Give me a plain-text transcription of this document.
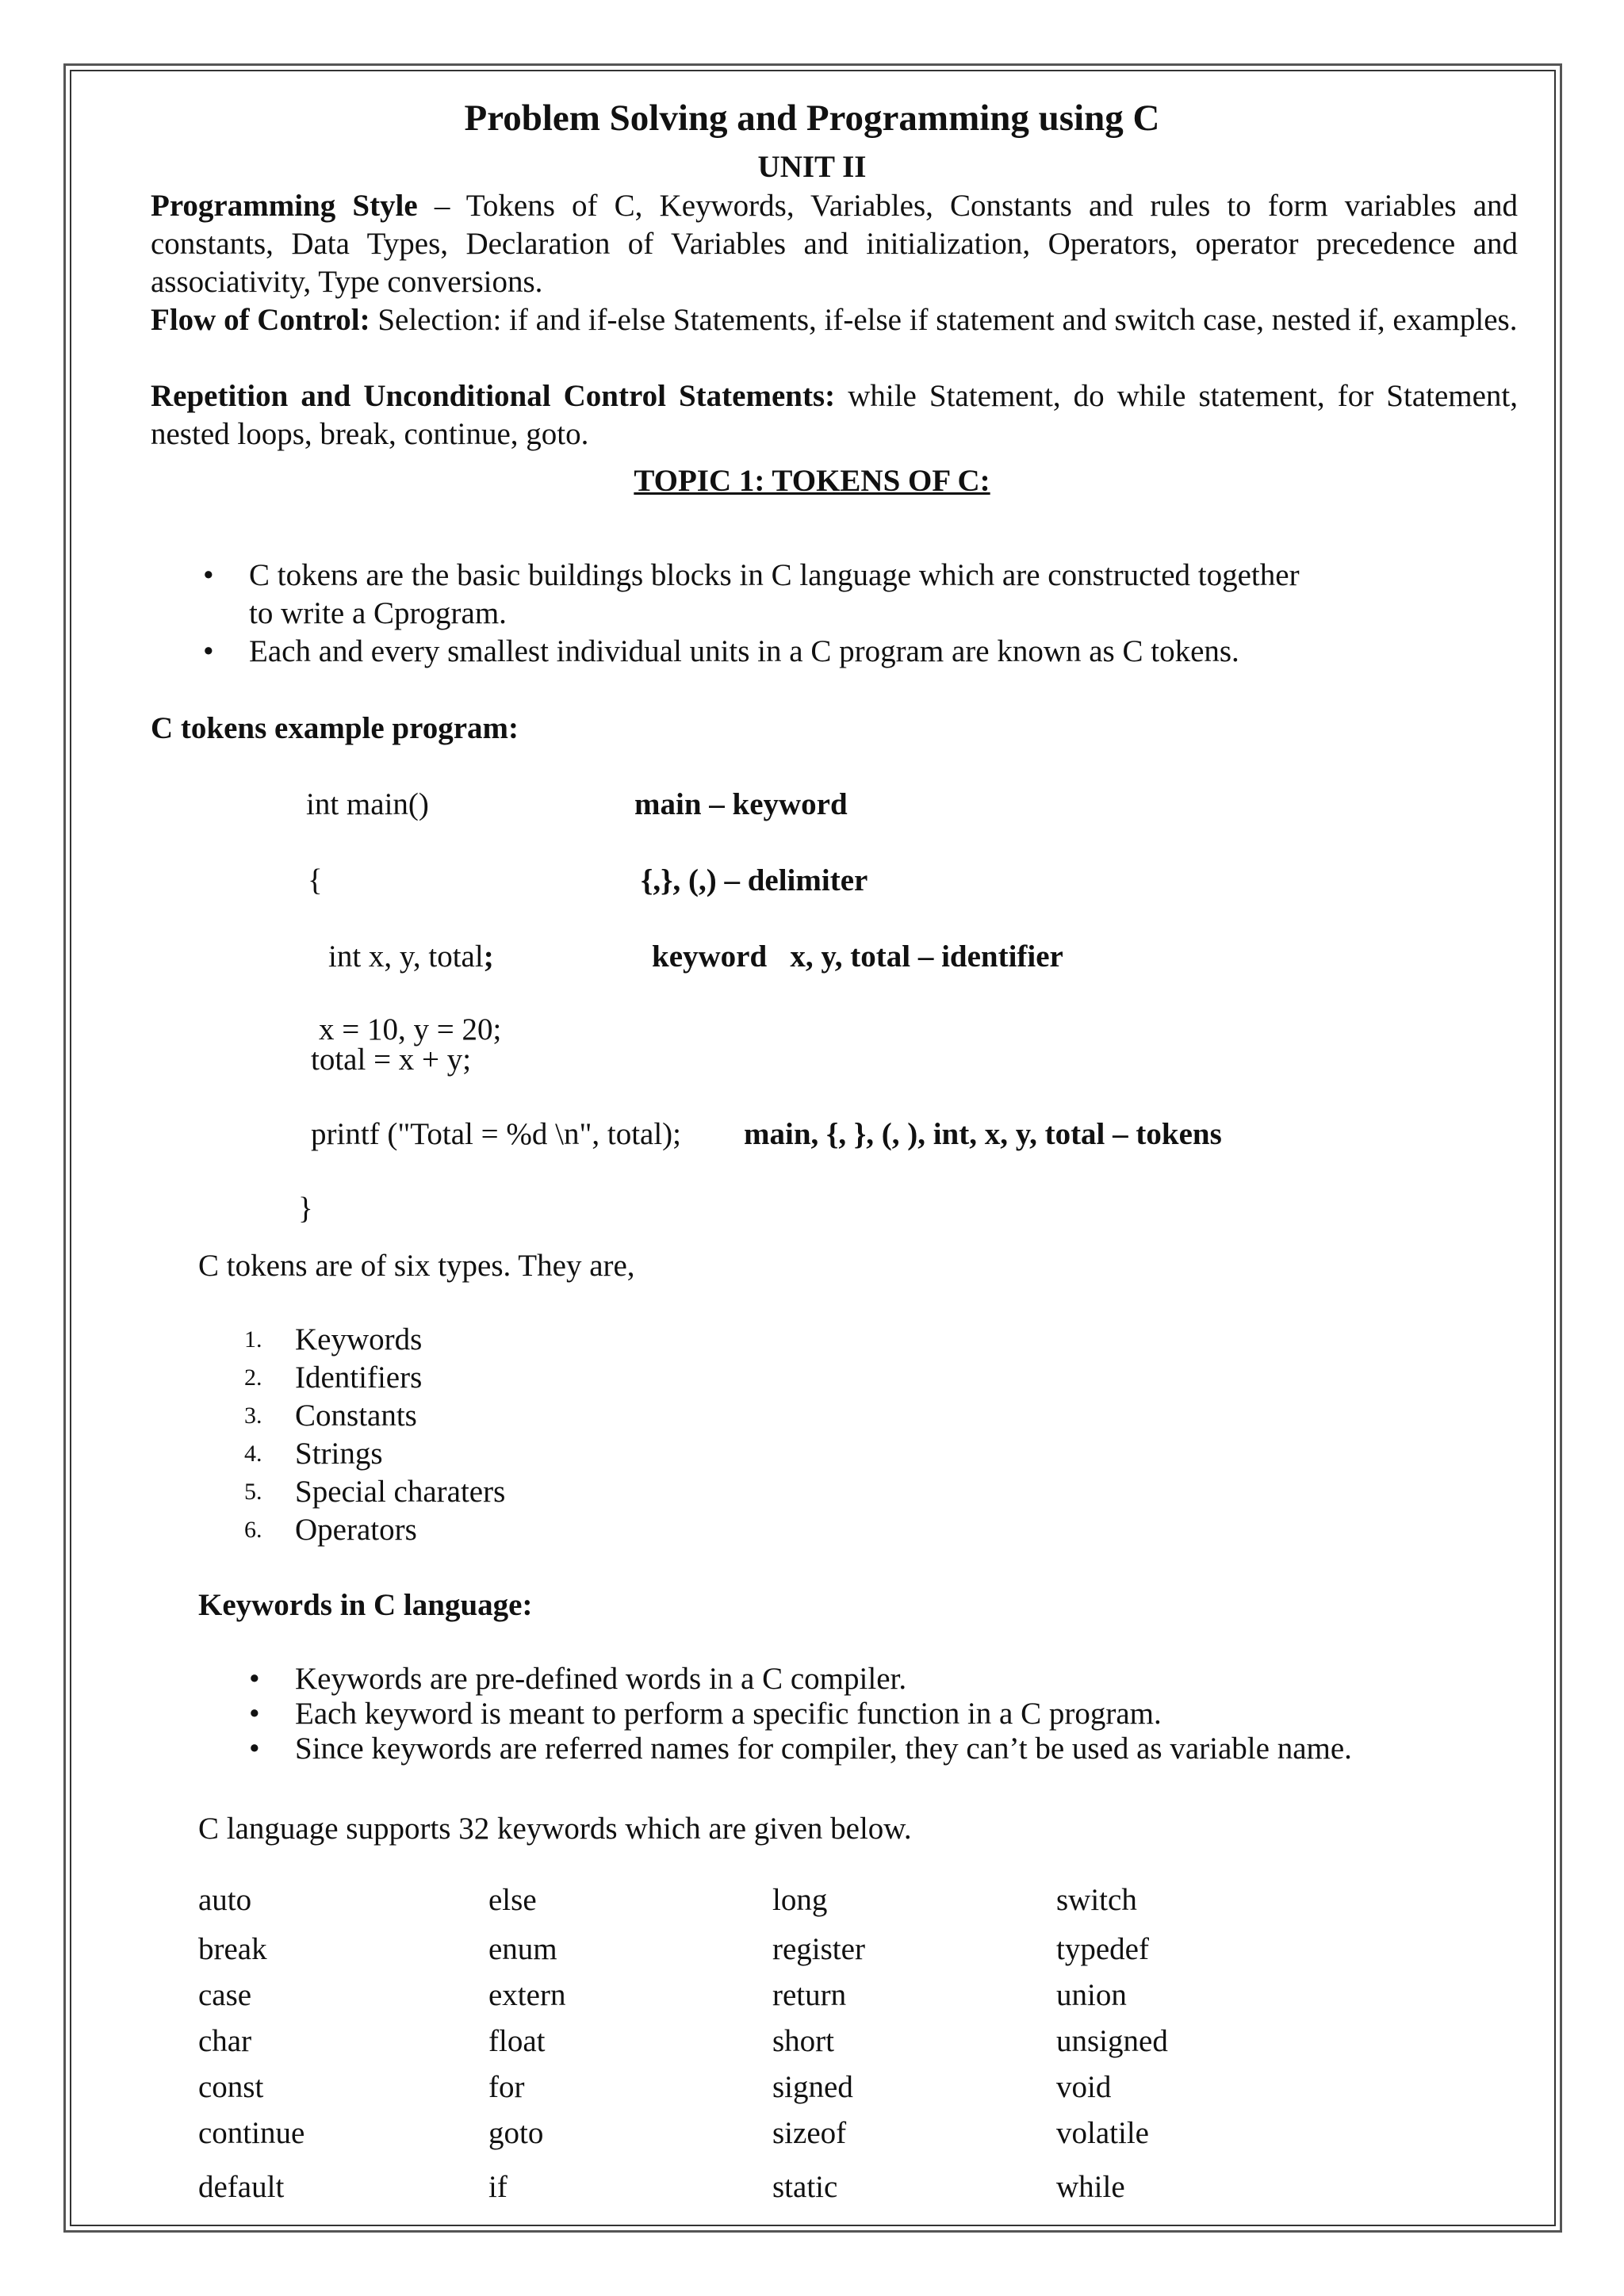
Problem Solving and Programming using C
UNIT II
Programming Style – Tokens of C, Keywords, Variables, Constants and rules to form variables and constants, Data Types, Declaration of Variables and initialization, Operators, operator precedence and associativity, Type conversions.
Flow of Control: Selection: if and if-else Statements, if-else if statement and switch case, nested if, examples.
Repetition and Unconditional Control Statements: while Statement, do while statement, for Statement, nested loops, break, continue, goto.
TOPIC 1: TOKENS OF C:
• C tokens are the basic buildings blocks in C language which are constructed together
to write a Cprogram.
• Each and every smallest individual units in a C program are known as C tokens.
C tokens example program:
int main()	main – keyword
{	{,}, (,) – delimiter
int x, y, total;	keyword   x, y, total – identifier
x = 10, y = 20;
total = x + y;
printf ("Total = %d \n", total); main, {, }, (, ), int, x, y, total – tokens
}
C tokens are of six types. They are,
1. Keywords
2. Identifiers
3. Constants
4. Strings
5. Special charaters
6. Operators
Keywords in C language:
• Keywords are pre-defined words in a C compiler.
• Each keyword is meant to perform a specific function in a C program.
• Since keywords are referred names for compiler, they can’t be used as variable name.
C language supports 32 keywords which are given below.
auto	else	long	switch
break	enum	register	typedef
case	extern	return	union
char	float	short	unsigned
const	for	signed	void
continue	goto	sizeof	volatile
default	if	static	while
